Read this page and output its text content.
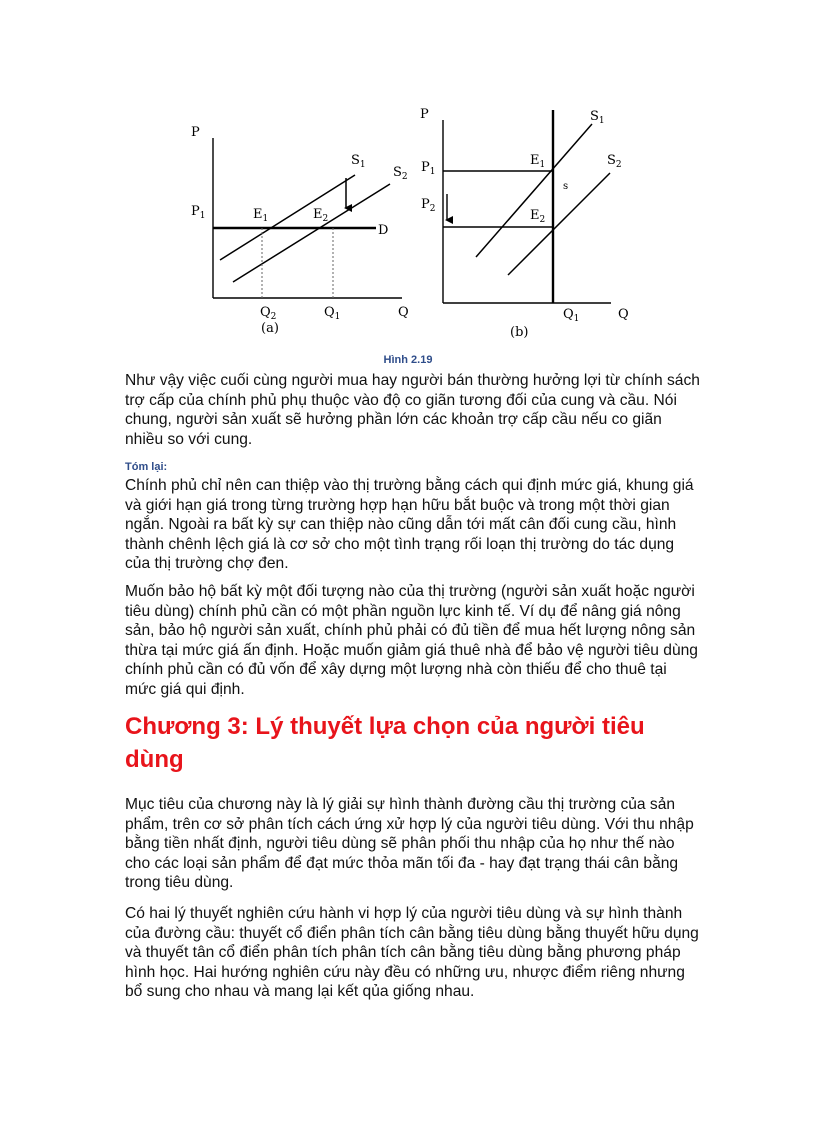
P
$P_1$
$S_1$ $S_2$
$E_1$	$E_2$
D
$Q_2$	$Q_1$	Q
(a)
P
$P_1$
$P_2$
$S_1$
$S_2$
$E_1$
$E_2$
s
$Q_1$	Q
(b)
Hình 2.19

Như vậy việc cuối cùng người mua hay người bán thường hưởng lợi từ chính sách trợ cấp của chính phủ phụ thuộc vào độ co giãn tương đối của cung và cầu. Nói chung, người sản xuất sẽ hưởng phần lớn các khoản trợ cấp cầu nếu co giãn nhiều so với cung.

Tóm lại:

Chính phủ chỉ nên can thiệp vào thị trường bằng cách qui định mức giá, khung giá và giới hạn giá trong từng trường hợp hạn hữu bắt buộc và trong một thời gian ngắn. Ngoài ra bất kỳ sự can thiệp nào cũng dẫn tới mất cân đối cung cầu, hình thành chênh lệch giá là cơ sở cho một tình trạng rối loạn thị trường do tác dụng của thị trường chợ đen.

Muốn bảo hộ bất kỳ một đối tượng nào của thị trường (người sản xuất hoặc người tiêu dùng) chính phủ cần có một phần nguồn lực kinh tế. Ví dụ để nâng giá nông sản, bảo hộ người sản xuất, chính phủ phải có đủ tiền để mua hết lượng nông sản thừa tại mức giá ấn định. Hoặc muốn giảm giá thuê nhà để bảo vệ người tiêu dùng chính phủ cần có đủ vốn để xây dựng một lượng nhà còn thiếu để cho thuê tại mức giá qui định.

Chương 3: Lý thuyết lựa chọn của người tiêu dùng

Mục tiêu của chương này là lý giải sự hình thành đường cầu thị trường của sản phẩm, trên cơ sở phân tích cách ứng xử hợp lý của người tiêu dùng. Với thu nhập bằng tiền nhất định, người tiêu dùng sẽ phân phối thu nhập của họ như thế nào cho các loại sản phẩm để đạt mức thỏa mãn tối đa - hay đạt trạng thái cân bằng trong tiêu dùng.

Có hai lý thuyết nghiên cứu hành vi hợp lý của người tiêu dùng và sự hình thành của đường cầu: thuyết cổ điển phân tích cân bằng tiêu dùng bằng thuyết hữu dụng và thuyết tân cổ điển phân tích phân tích cân bằng tiêu dùng bằng phương pháp hình học. Hai hướng nghiên cứu này đều có những ưu, nhược điểm riêng nhưng bổ sung cho nhau và mang lại kết qủa giống nhau.
